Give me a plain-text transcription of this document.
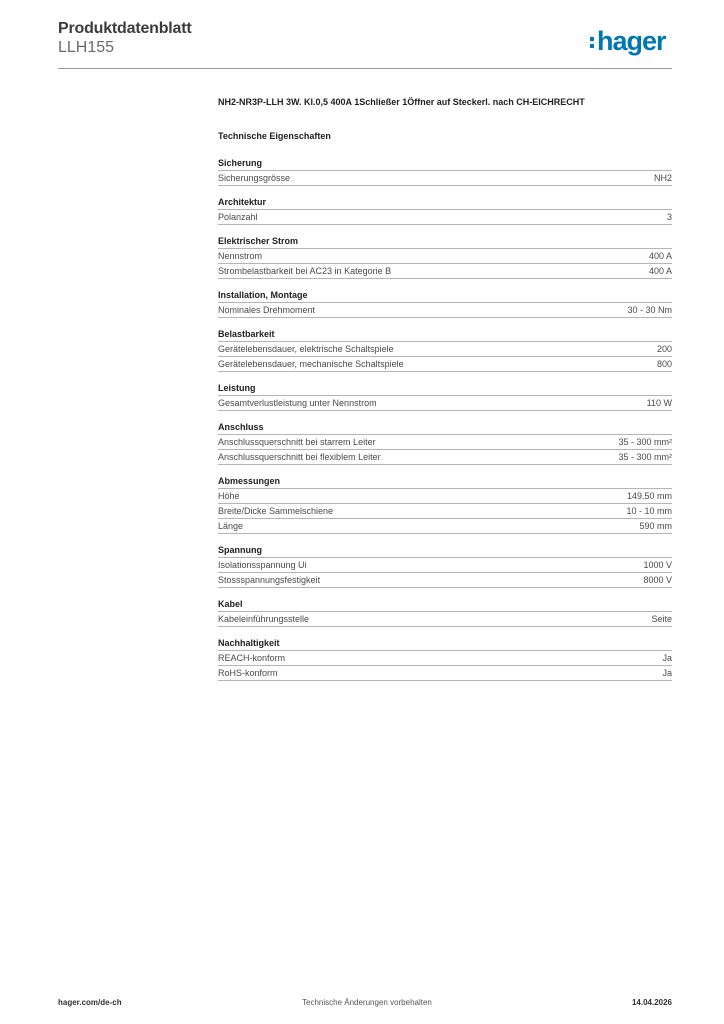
Produktdatenblatt
LLH155	hager
NH2-NR3P-LLH 3W. Kl.0,5 400A 1Schließer 1Öffner auf Steckerl. nach CH-EICHRECHT
Technische Eigenschaften
Sicherung
Sicherungsgrösse	NH2
Architektur
Polanzahl	3
Elektrischer Strom
Nennstrom	400 A
Strombelastbarkeit bei AC23 in Kategorie B	400 A
Installation, Montage
Nominales Drehmoment	30 - 30 Nm
Belastbarkeit
Gerätelebensdauer, elektrische Schaltspiele	200
Gerätelebensdauer, mechanische Schaltspiele	800
Leistung
Gesamtverlustleistung unter Nennstrom	110 W
Anschluss
Anschlussquerschnitt bei starrem Leiter	35 - 300 mm²
Anschlussquerschnitt bei flexiblem Leiter	35 - 300 mm²
Abmessungen
Höhe	149.50 mm
Breite/Dicke Sammelschiene	10 - 10 mm
Länge	590 mm
Spannung
Isolationsspannung Ui	1000 V
Stossspannungsfestigkeit	8000 V
Kabel
Kabeleinführungsstelle	Seite
Nachhaltigkeit
REACH-konform	Ja
RoHS-konform	Ja
hager.com/de-ch	Technische Änderungen vorbehalten	14.04.2026
